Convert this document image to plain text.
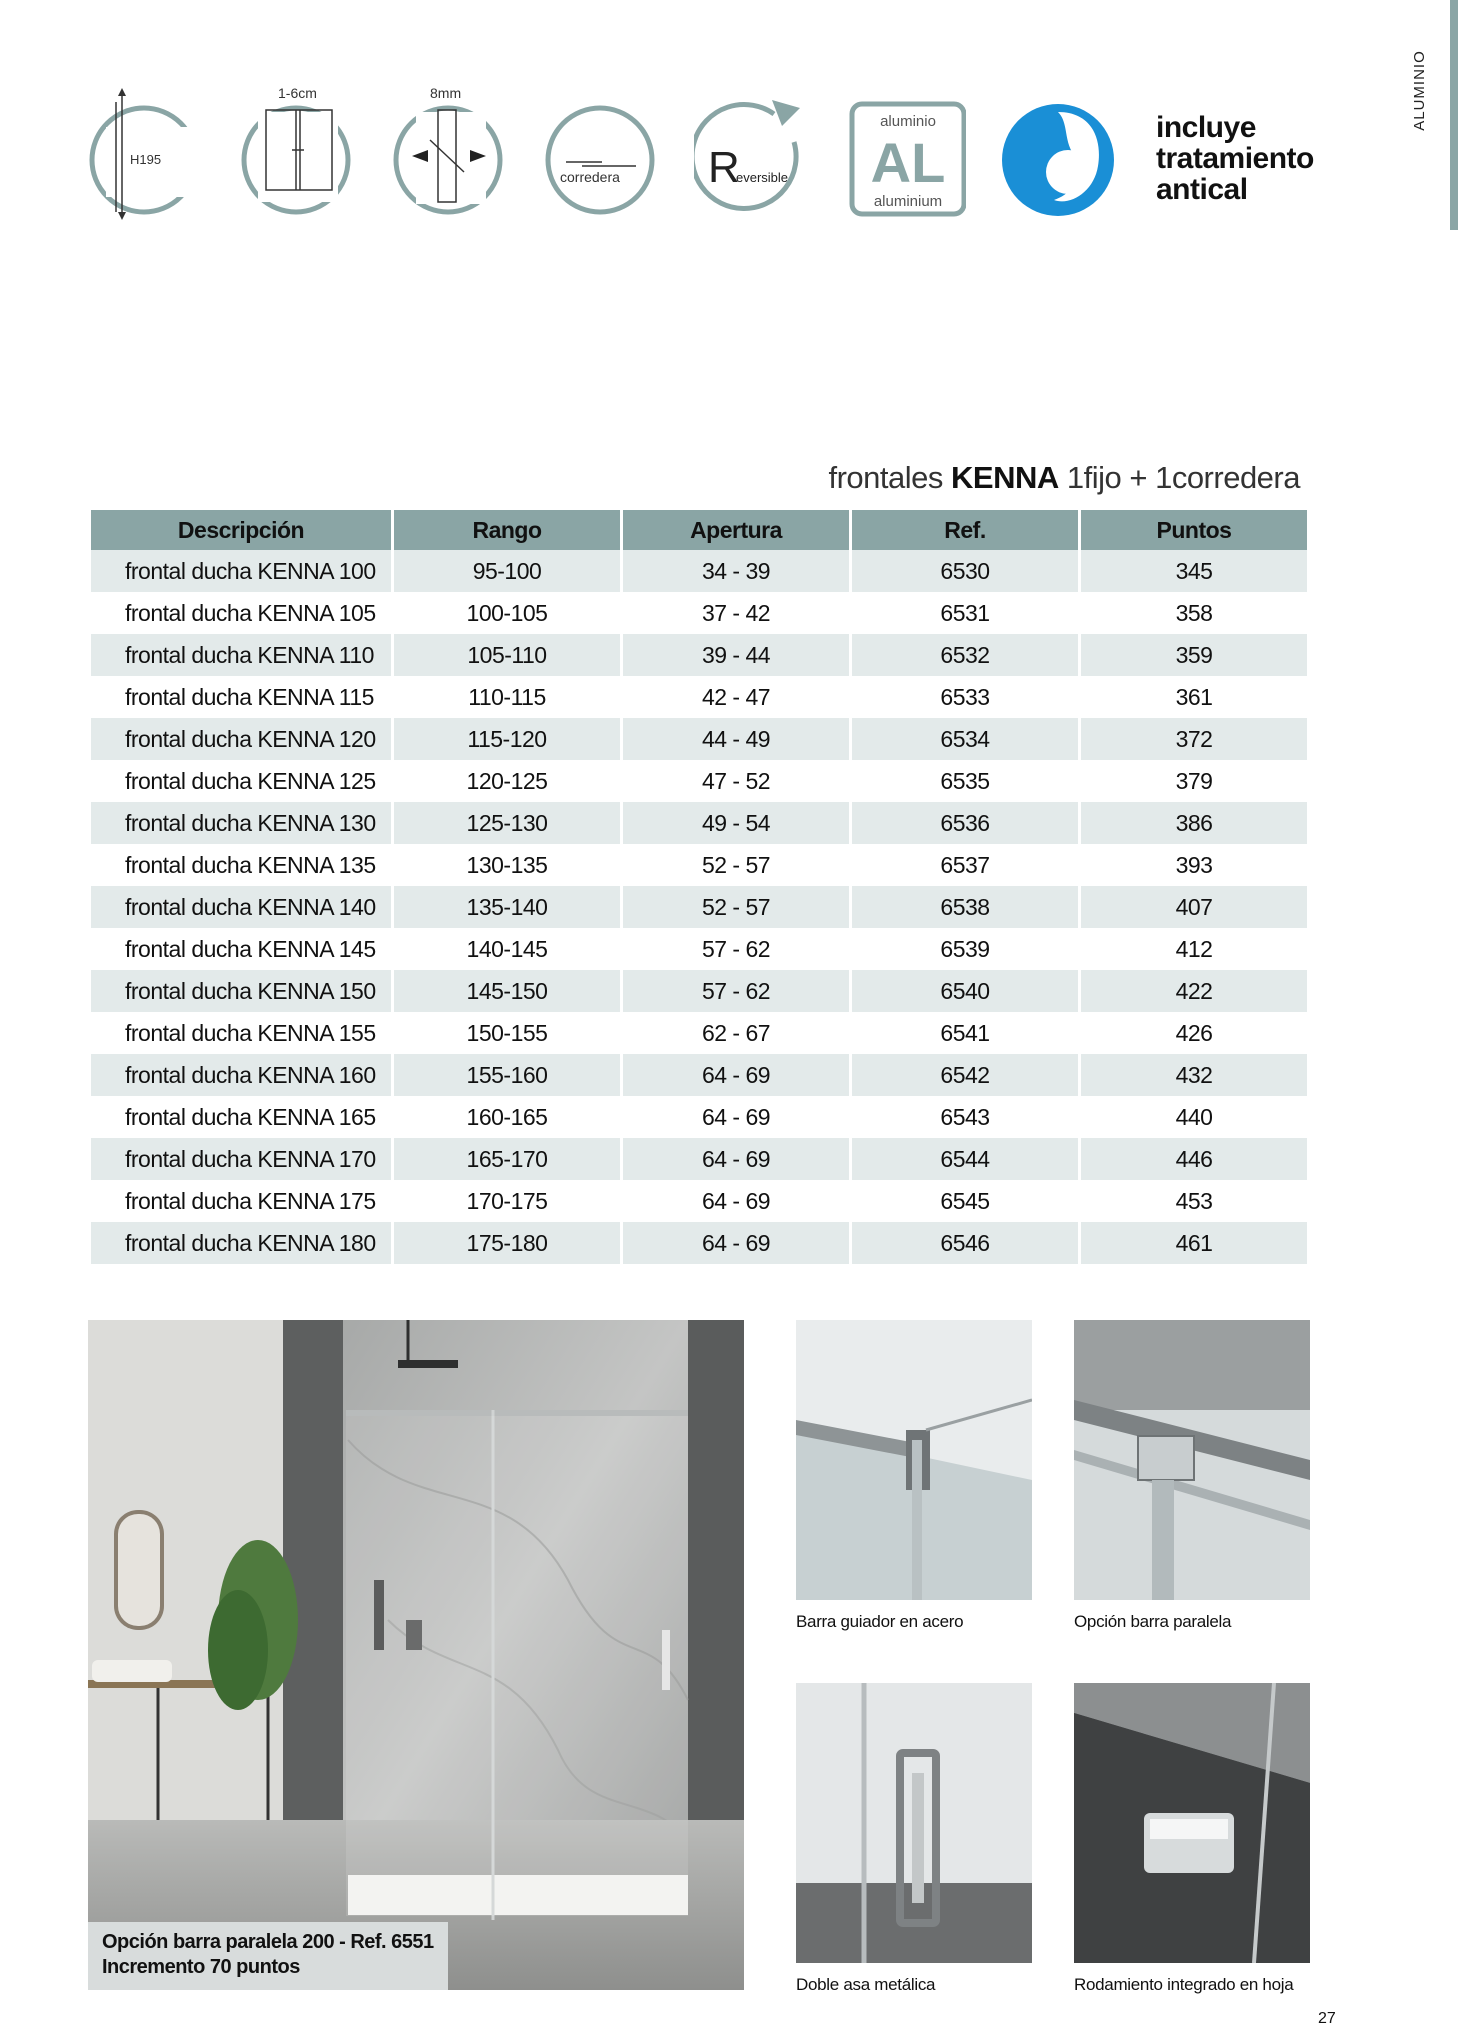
ALUMINIO
H195
1-6cm	8mm
corredera R
eversible
aluminio
AL
aluminium
incluye
tratamiento
antical
frontales KENNA 1fijo + 1corredera
Descripción	Rango	Apertura	Ref.	Puntos
frontal ducha KENNA 100	95-100	34 - 39	6530	345
frontal ducha KENNA 105	100-105	37 - 42	6531	358
frontal ducha KENNA 110	105-110	39 - 44	6532	359
frontal ducha KENNA 115	110-115	42 - 47	6533	361
frontal ducha KENNA 120	115-120	44 - 49	6534	372
frontal ducha KENNA 125	120-125	47 - 52	6535	379
frontal ducha KENNA 130	125-130	49 - 54	6536	386
frontal ducha KENNA 135	130-135	52 - 57	6537	393
frontal ducha KENNA 140	135-140	52 - 57	6538	407
frontal ducha KENNA 145	140-145	57 - 62	6539	412
frontal ducha KENNA 150	145-150	57 - 62	6540	422
frontal ducha KENNA 155	150-155	62 - 67	6541	426
frontal ducha KENNA 160	155-160	64 - 69	6542	432
frontal ducha KENNA 165	160-165	64 - 69	6543	440
frontal ducha KENNA 170	165-170	64 - 69	6544	446
frontal ducha KENNA 175	170-175	64 - 69	6545	453
frontal ducha KENNA 180	175-180	64 - 69	6546	461
Opción barra paralela 200 - Ref. 6551
Incremento 70 puntos
Barra guiador en acero	Opción barra paralela
Doble asa metálica	Rodamiento integrado en hoja
27
